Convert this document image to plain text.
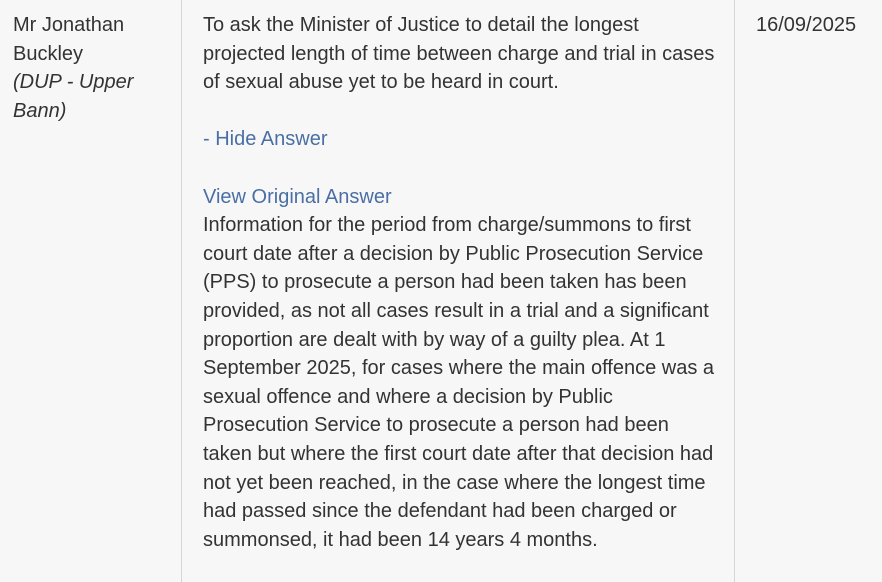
Mr Jonathan Buckley
(DUP - Upper Bann)

To ask the Minister of Justice to detail the longest projected length of time between charge and trial in cases of sexual abuse yet to be heard in court.

- Hide Answer
View Original Answer

Information for the period from charge/summons to first court date after a decision by Public Prosecution Service (PPS) to prosecute a person had been taken has been provided, as not all cases result in a trial and a significant proportion are dealt with by way of a guilty plea. At 1 September 2025, for cases where the main offence was a sexual offence and where a decision by Public Prosecution Service to prosecute a person had been taken but where the first court date after that decision had not yet been reached, in the case where the longest time had passed since the defendant had been charged or summonsed, it had been 14 years 4 months.

16/09/2025
